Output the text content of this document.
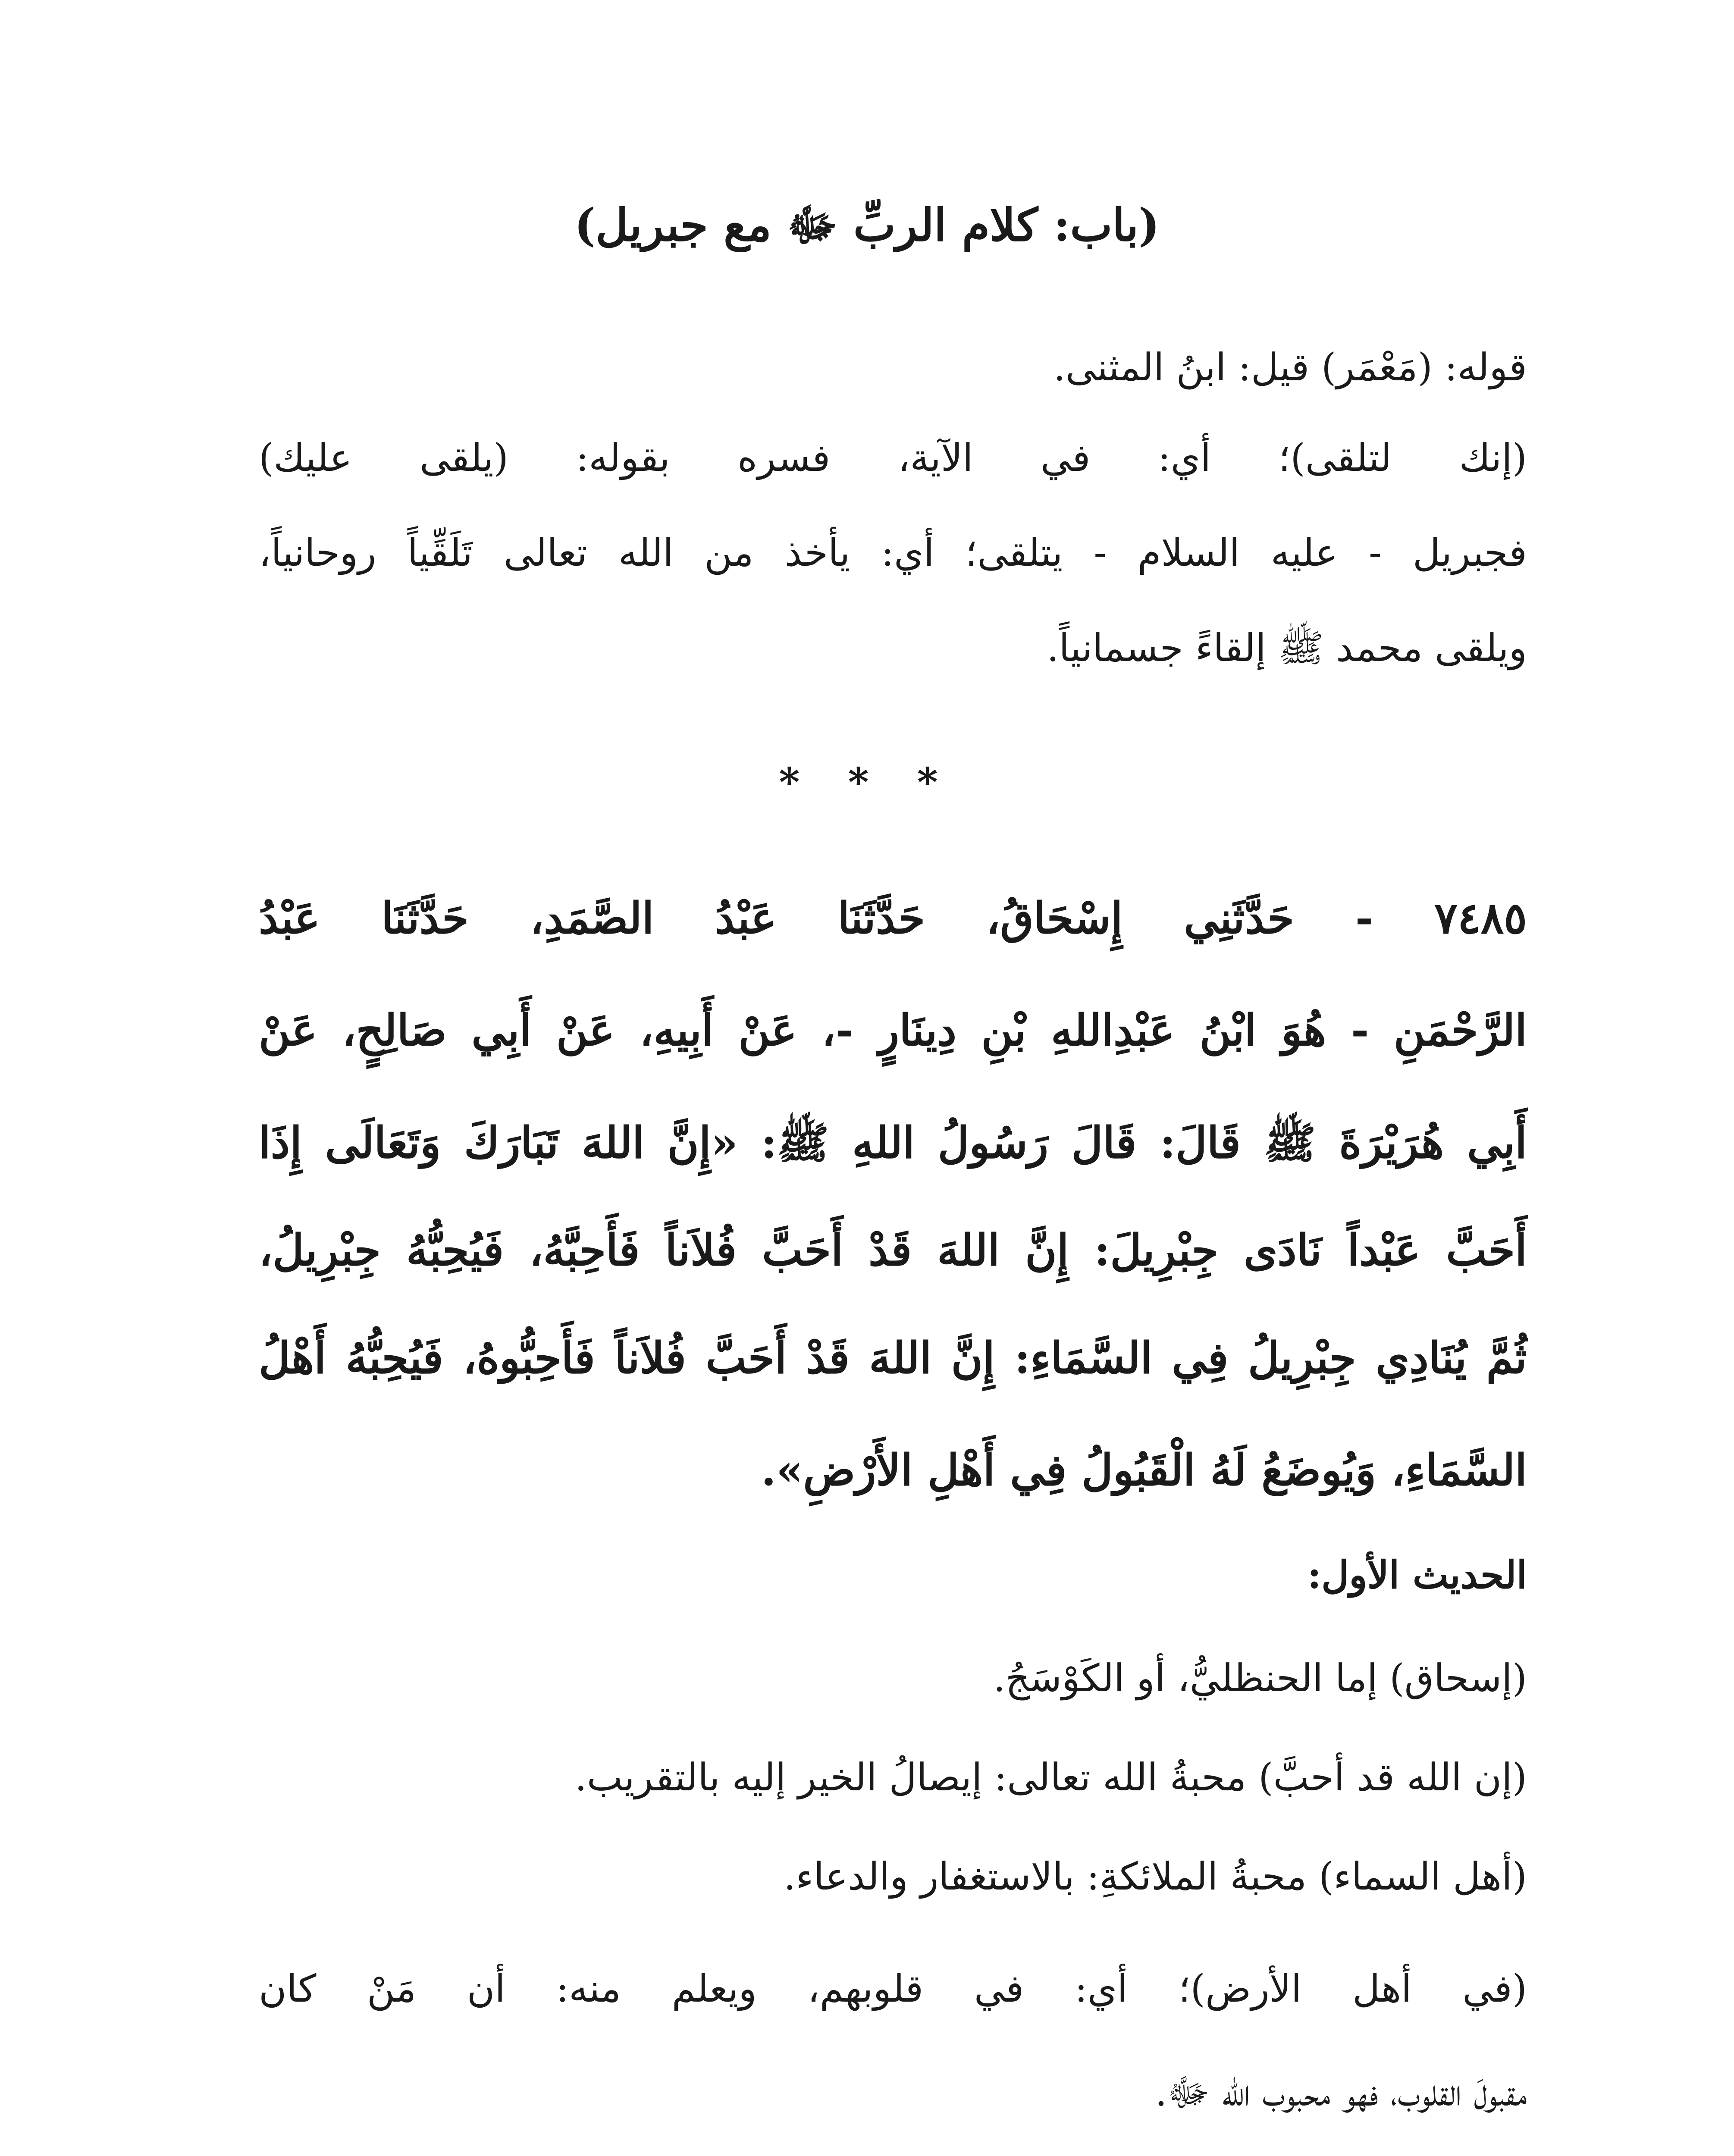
(باب: كلام الربِّ ﷻ مع جبريل)

قوله: (مَعْمَر) قيل: ابنُ المثنى.

(إنك لتلقى)؛ أي: في الآية، فسره بقوله: (يلقى عليك)

فجبريل - عليه السلام - يتلقى؛ أي: يأخذ من الله تعالى تَلَقِّياً روحانياً،

ويلقى محمد ﷺ إلقاءً جسمانياً.

* * *

٧٤٨٥ - حَدَّثَنِي إِسْحَاقُ، حَدَّثَنَا عَبْدُ الصَّمَدِ، حَدَّثَنَا عَبْدُ

الرَّحْمَنِ - هُوَ ابْنُ عَبْدِاللهِ بْنِ دِينَارٍ -، عَنْ أَبِيهِ، عَنْ أَبِي صَالِحٍ، عَنْ

أَبِي هُرَيْرَةَ ﷺ قَالَ: قَالَ رَسُولُ اللهِ ﷺ: «إِنَّ اللهَ تَبَارَكَ وَتَعَالَى إِذَا

أَحَبَّ عَبْداً نَادَى جِبْرِيلَ: إِنَّ اللهَ قَدْ أَحَبَّ فُلاَناً فَأَحِبَّهُ، فَيُحِبُّهُ جِبْرِيلُ،

ثُمَّ يُنَادِي جِبْرِيلُ فِي السَّمَاءِ: إِنَّ اللهَ قَدْ أَحَبَّ فُلاَناً فَأَحِبُّوهُ، فَيُحِبُّهُ أَهْلُ

السَّمَاءِ، وَيُوضَعُ لَهُ الْقَبُولُ فِي أَهْلِ الأَرْضِ».

الحديث الأول:

(إسحاق) إما الحنظليُّ، أو الكَوْسَجُ.

(إن الله قد أحبَّ) محبةُ الله تعالى: إيصالُ الخير إليه بالتقريب.

(أهل السماء) محبةُ الملائكةِ: بالاستغفار والدعاء.

(في أهل الأرض)؛ أي: في قلوبهم، ويعلم منه: أن مَنْ كان

مقبولَ القلوب، فهو محبوب الله ﷻ.
